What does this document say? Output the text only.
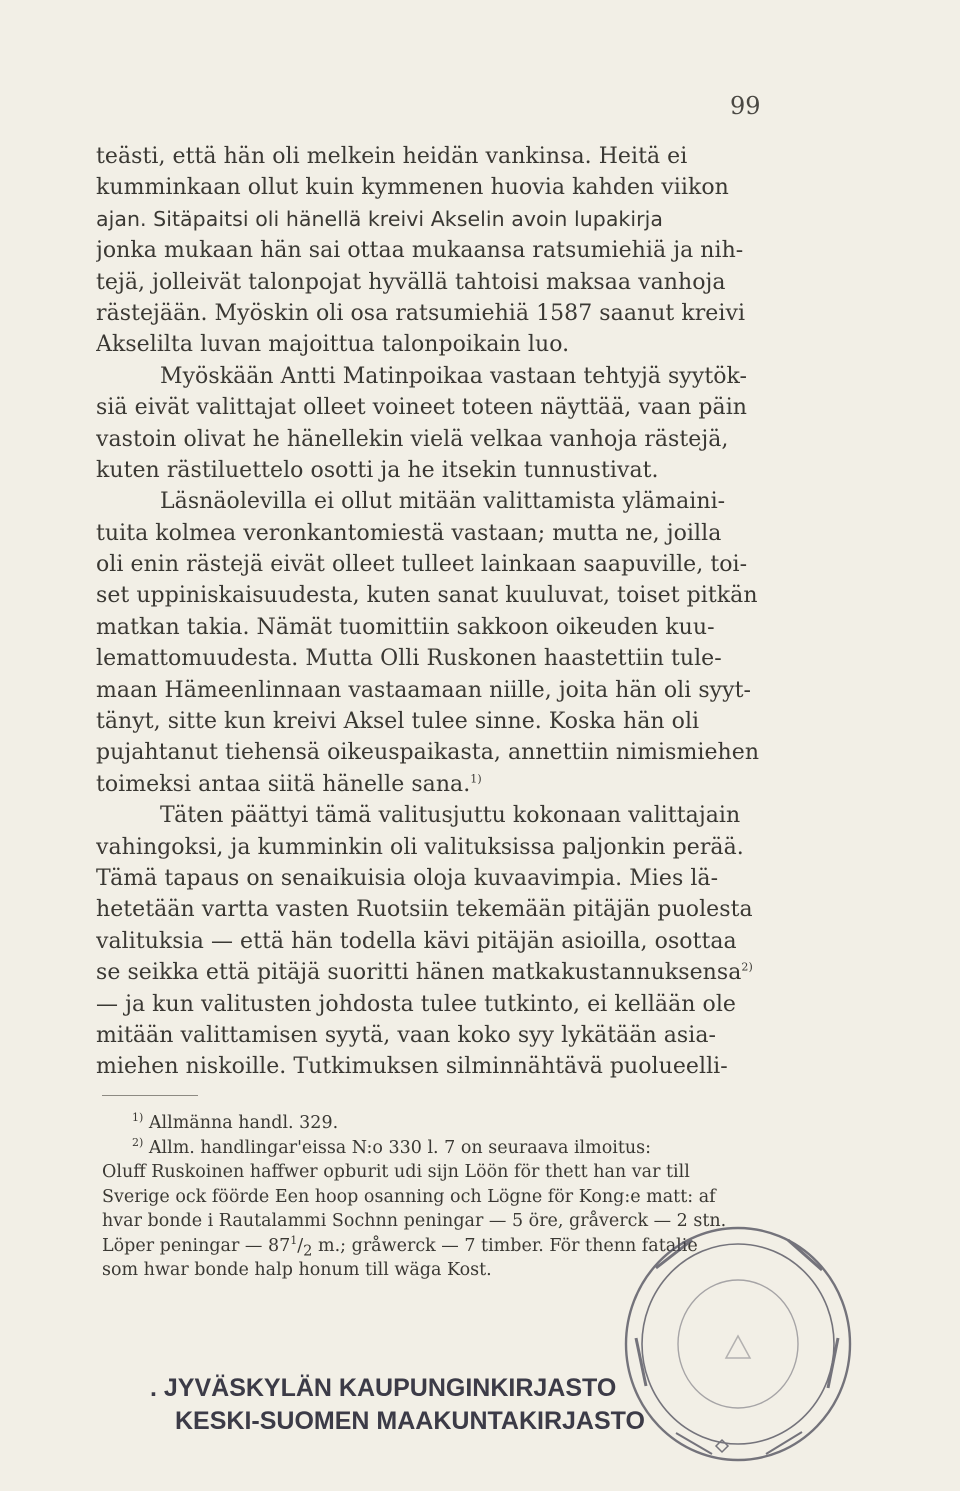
99
teästi, että hän oli melkein heidän vankinsa. Heitä ei
kumminkaan ollut kuin kymmenen huovia kahden viikon
ajan. Sitäpaitsi oli hänellä kreivi Akselin avoin lupakirja
jonka mukaan hän sai ottaa mukaansa ratsumiehiä ja nih-
tejä, jolleivät talonpojat hyvällä tahtoisi maksaa vanhoja
rästejään. Myöskin oli osa ratsumiehiä 1587 saanut kreivi
Akselilta luvan majoittua talonpoikain luo.
Myöskään Antti Matinpoikaa vastaan tehtyjä syytök-
siä eivät valittajat olleet voineet toteen näyttää, vaan päin
vastoin olivat he hänellekin vielä velkaa vanhoja rästejä,
kuten rästiluettelo osotti ja he itsekin tunnustivat.
Läsnäolevilla ei ollut mitään valittamista ylämaini-
tuita kolmea veronkantomiestä vastaan; mutta ne, joilla
oli enin rästejä eivät olleet tulleet lainkaan saapuville, toi-
set uppiniskaisuudesta, kuten sanat kuuluvat, toiset pitkän
matkan takia. Nämät tuomittiin sakkoon oikeuden kuu-
lemattomuudesta. Mutta Olli Ruskonen haastettiin tule-
maan Hämeenlinnaan vastaamaan niille, joita hän oli syyt-
tänyt, sitte kun kreivi Aksel tulee sinne. Koska hän oli
pujahtanut tiehensä oikeuspaikasta, annettiin nimismiehen
toimeksi antaa siitä hänelle sana.$^{1)}$
Täten päättyi tämä valitusjuttu kokonaan valittajain
vahingoksi, ja kumminkin oli valituksissa paljonkin perää.
Tämä tapaus on senaikuisia oloja kuvaavimpia. Mies lä-
hetetään vartta vasten Ruotsiin tekemään pitäjän puolesta
valituksia — että hän todella kävi pitäjän asioilla, osottaa
se seikka että pitäjä suoritti hänen matkakustannuksensa$^{2)}$
— ja kun valitusten johdosta tulee tutkinto, ei kellään ole
mitään valittamisen syytä, vaan koko syy lykätään asia-
miehen niskoille. Tutkimuksen silminnähtävä puolueelli-
$^{1)}$ Allmänna handl. 329.
$^{2)}$ Allm. handlingar'eissa N:o 330 l. 7 on seuraava ilmoitus:
Oluff Ruskoinen haffwer opburit udi sijn Löön för thett han var till
Sverige ock föörde Een hoop osanning och Lögne för Kong:e matt: af
hvar bonde i Rautalammi Sochnn peningar — 5 öre, gråverck — 2 stn.
Löper peningar — $87^1/_2$ m.; gråwerck — 7 timber. För thenn fatalie
som hwar bonde halp honum till wäga Kost.
. JYVÄSKYLÄN KAUPUNGINKIRJASTO
KESKI-SUOMEN MAAKUNTAKIRJASTO
